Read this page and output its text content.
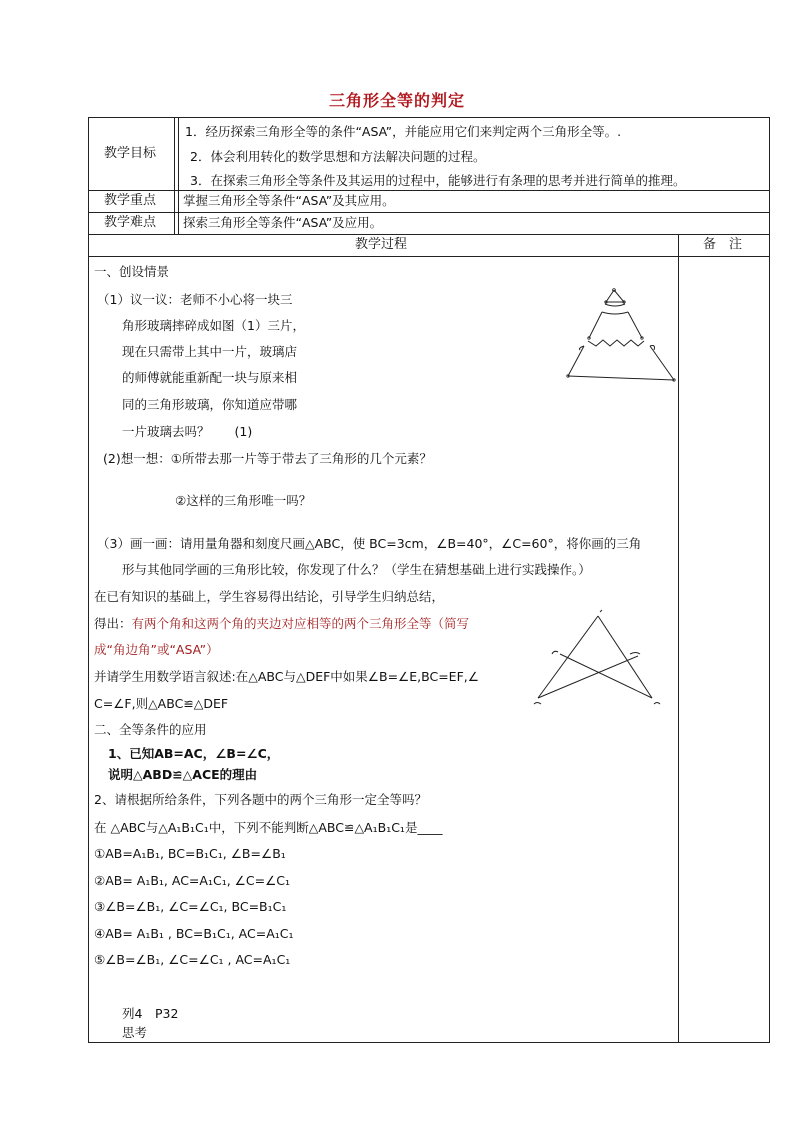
三角形全等的判定
教学目标
1．经历探索三角形全等的条件“ASA”，并能应用它们来判定两个三角形全等。.
2．体会利用转化的数学思想和方法解决问题的过程。
3．在探索三角形全等条件及其运用的过程中，能够进行有条理的思考并进行简单的推理。
教学重点 掌握三角形全等条件“ASA”及其应用。
教学难点 探索三角形全等条件“ASA”及应用。
教学过程	备　注
一、创设情景
（1）议一议：老师不小心将一块三
角形玻璃摔碎成如图（1）三片，
现在只需带上其中一片，玻璃店
的师傅就能重新配一块与原来相
同的三角形玻璃，你知道应带哪
一片玻璃去吗？　　(1)
(2)想一想：①所带去那一片等于带去了三角形的几个元素？
②这样的三角形唯一吗？
（3）画一画：请用量角器和刻度尺画△ABC，使 BC=3cm，∠B=40°，∠C=60°，将你画的三角
形与其他同学画的三角形比较，你发现了什么？（学生在猜想基础上进行实践操作。）
在已有知识的基础上，学生容易得出结论，引导学生归纳总结，
得出：有两个角和这两个角的夹边对应相等的两个三角形全等（简写
成“角边角”或“ASA”）
并请学生用数学语言叙述:在△ABC与△DEF中如果∠B=∠E,BC=EF,∠
C=∠F,则△ABC≌△DEF
二、全等条件的应用
1、已知AB=AC，∠B=∠C，
说明△ABD≌△ACE的理由
2、请根据所给条件，下列各题中的两个三角形一定全等吗？
在 △ABC与△A₁B₁C₁中，下列不能判断△ABC≌△A₁B₁C₁是____
①AB=A₁B₁, BC=B₁C₁, ∠B=∠B₁
②AB= A₁B₁, AC=A₁C₁, ∠C=∠C₁
③∠B=∠B₁, ∠C=∠C₁, BC=B₁C₁
④AB= A₁B₁ , BC=B₁C₁, AC=A₁C₁
⑤∠B=∠B₁, ∠C=∠C₁ , AC=A₁C₁
列4　P32
思考
